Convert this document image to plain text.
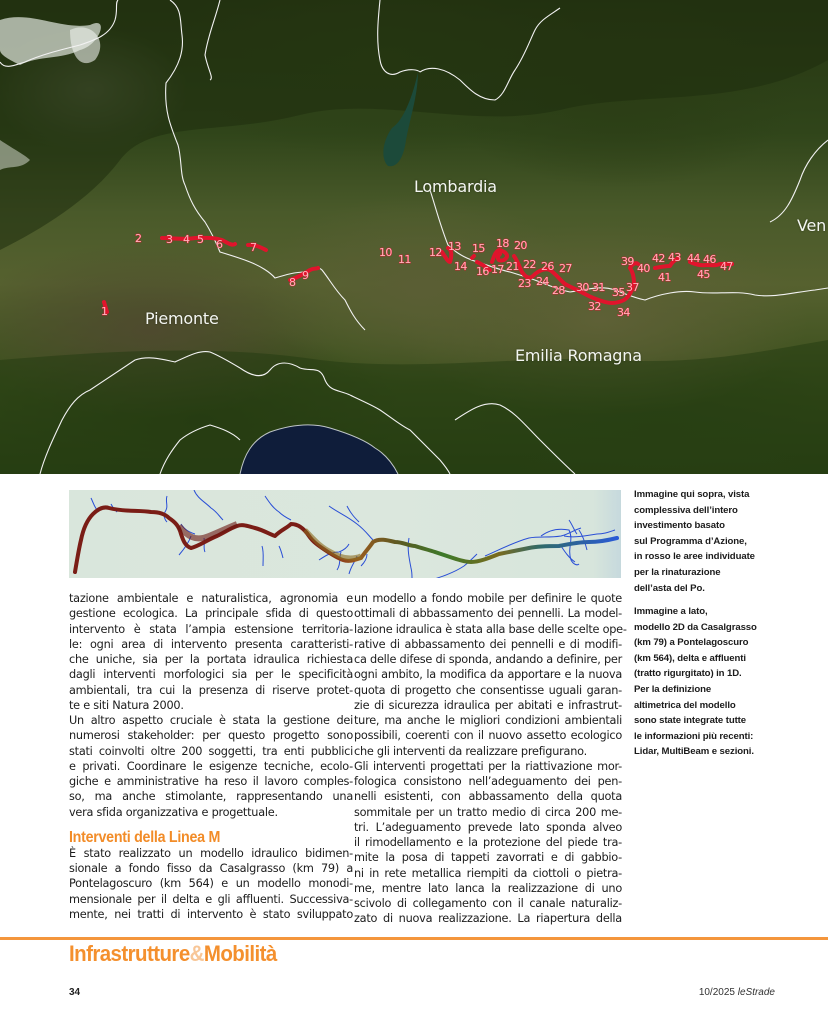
1
2 3 4 5 6	7
8
9
10
11
12 13
14
15
16 17
18 20
21 22
23 24
26 27
28 30 31
32 34
35 37
39
40
41
42 43 44
45
46
47
Lombardia
Piemonte
Emilia Romagna
Ven
Immagine qui sopra, vista
complessiva dell’intero
investimento basato
sul Programma d’Azione,
in rosso le aree individuate
per la rinaturazione
dell’asta del Po.
Immagine a lato,
modello 2D da Casalgrasso
(km 79) a Pontelagoscuro
(km 564), delta e affluenti
(tratto rigurgitato) in 1D.
Per la definizione
altimetrica del modello
sono state integrate tutte
le informazioni più recenti:
Lidar, MultiBeam e sezioni.
tazione ambientale e naturalistica, agronomia e
gestione ecologica. La principale sfida di questo
intervento è stata l’ampia estensione territoria-
le: ogni area di intervento presenta caratteristi-
che uniche, sia per la portata idraulica richiesta
dagli interventi morfologici sia per le specificità
ambientali, tra cui la presenza di riserve protet-
te e siti Natura 2000.
Un altro aspetto cruciale è stata la gestione dei
numerosi stakeholder: per questo progetto sono
stati coinvolti oltre 200 soggetti, tra enti pubblici
e privati. Coordinare le esigenze tecniche, ecolo-
giche e amministrative ha reso il lavoro comples-
so, ma anche stimolante, rappresentando una
vera sfida organizzativa e progettuale.
Interventi della Linea M
È stato realizzato un modello idraulico bidimen-
sionale a fondo fisso da Casalgrasso (km 79) a
Pontelagoscuro (km 564) e un modello monodi-
mensionale per il delta e gli affluenti. Successiva-
mente, nei tratti di intervento è stato sviluppato
un modello a fondo mobile per definire le quote
ottimali di abbassamento dei pennelli. La model-
lazione idraulica è stata alla base delle scelte ope-
rative di abbassamento dei pennelli e di modifi-
ca delle difese di sponda, andando a definire, per
ogni ambito, la modifica da apportare e la nuova
quota di progetto che consentisse uguali garan-
zie di sicurezza idraulica per abitati e infrastrut-
ture, ma anche le migliori condizioni ambientali
possibili, coerenti con il nuovo assetto ecologico
che gli interventi da realizzare prefigurano.
Gli interventi progettati per la riattivazione mor-
fologica consistono nell’adeguamento dei pen-
nelli esistenti, con abbassamento della quota
sommitale per un tratto medio di circa 200 me-
tri. L’adeguamento prevede lato sponda alveo
il rimodellamento e la protezione del piede tra-
mite la posa di tappeti zavorrati e di gabbio-
ni in rete metallica riempiti da ciottoli o pietra-
me, mentre lato lanca la realizzazione di uno
scivolo di collegamento con il canale naturaliz-
zato di nuova realizzazione. La riapertura della
Infrastrutture&Mobilità
34	10/2025 leStrade
